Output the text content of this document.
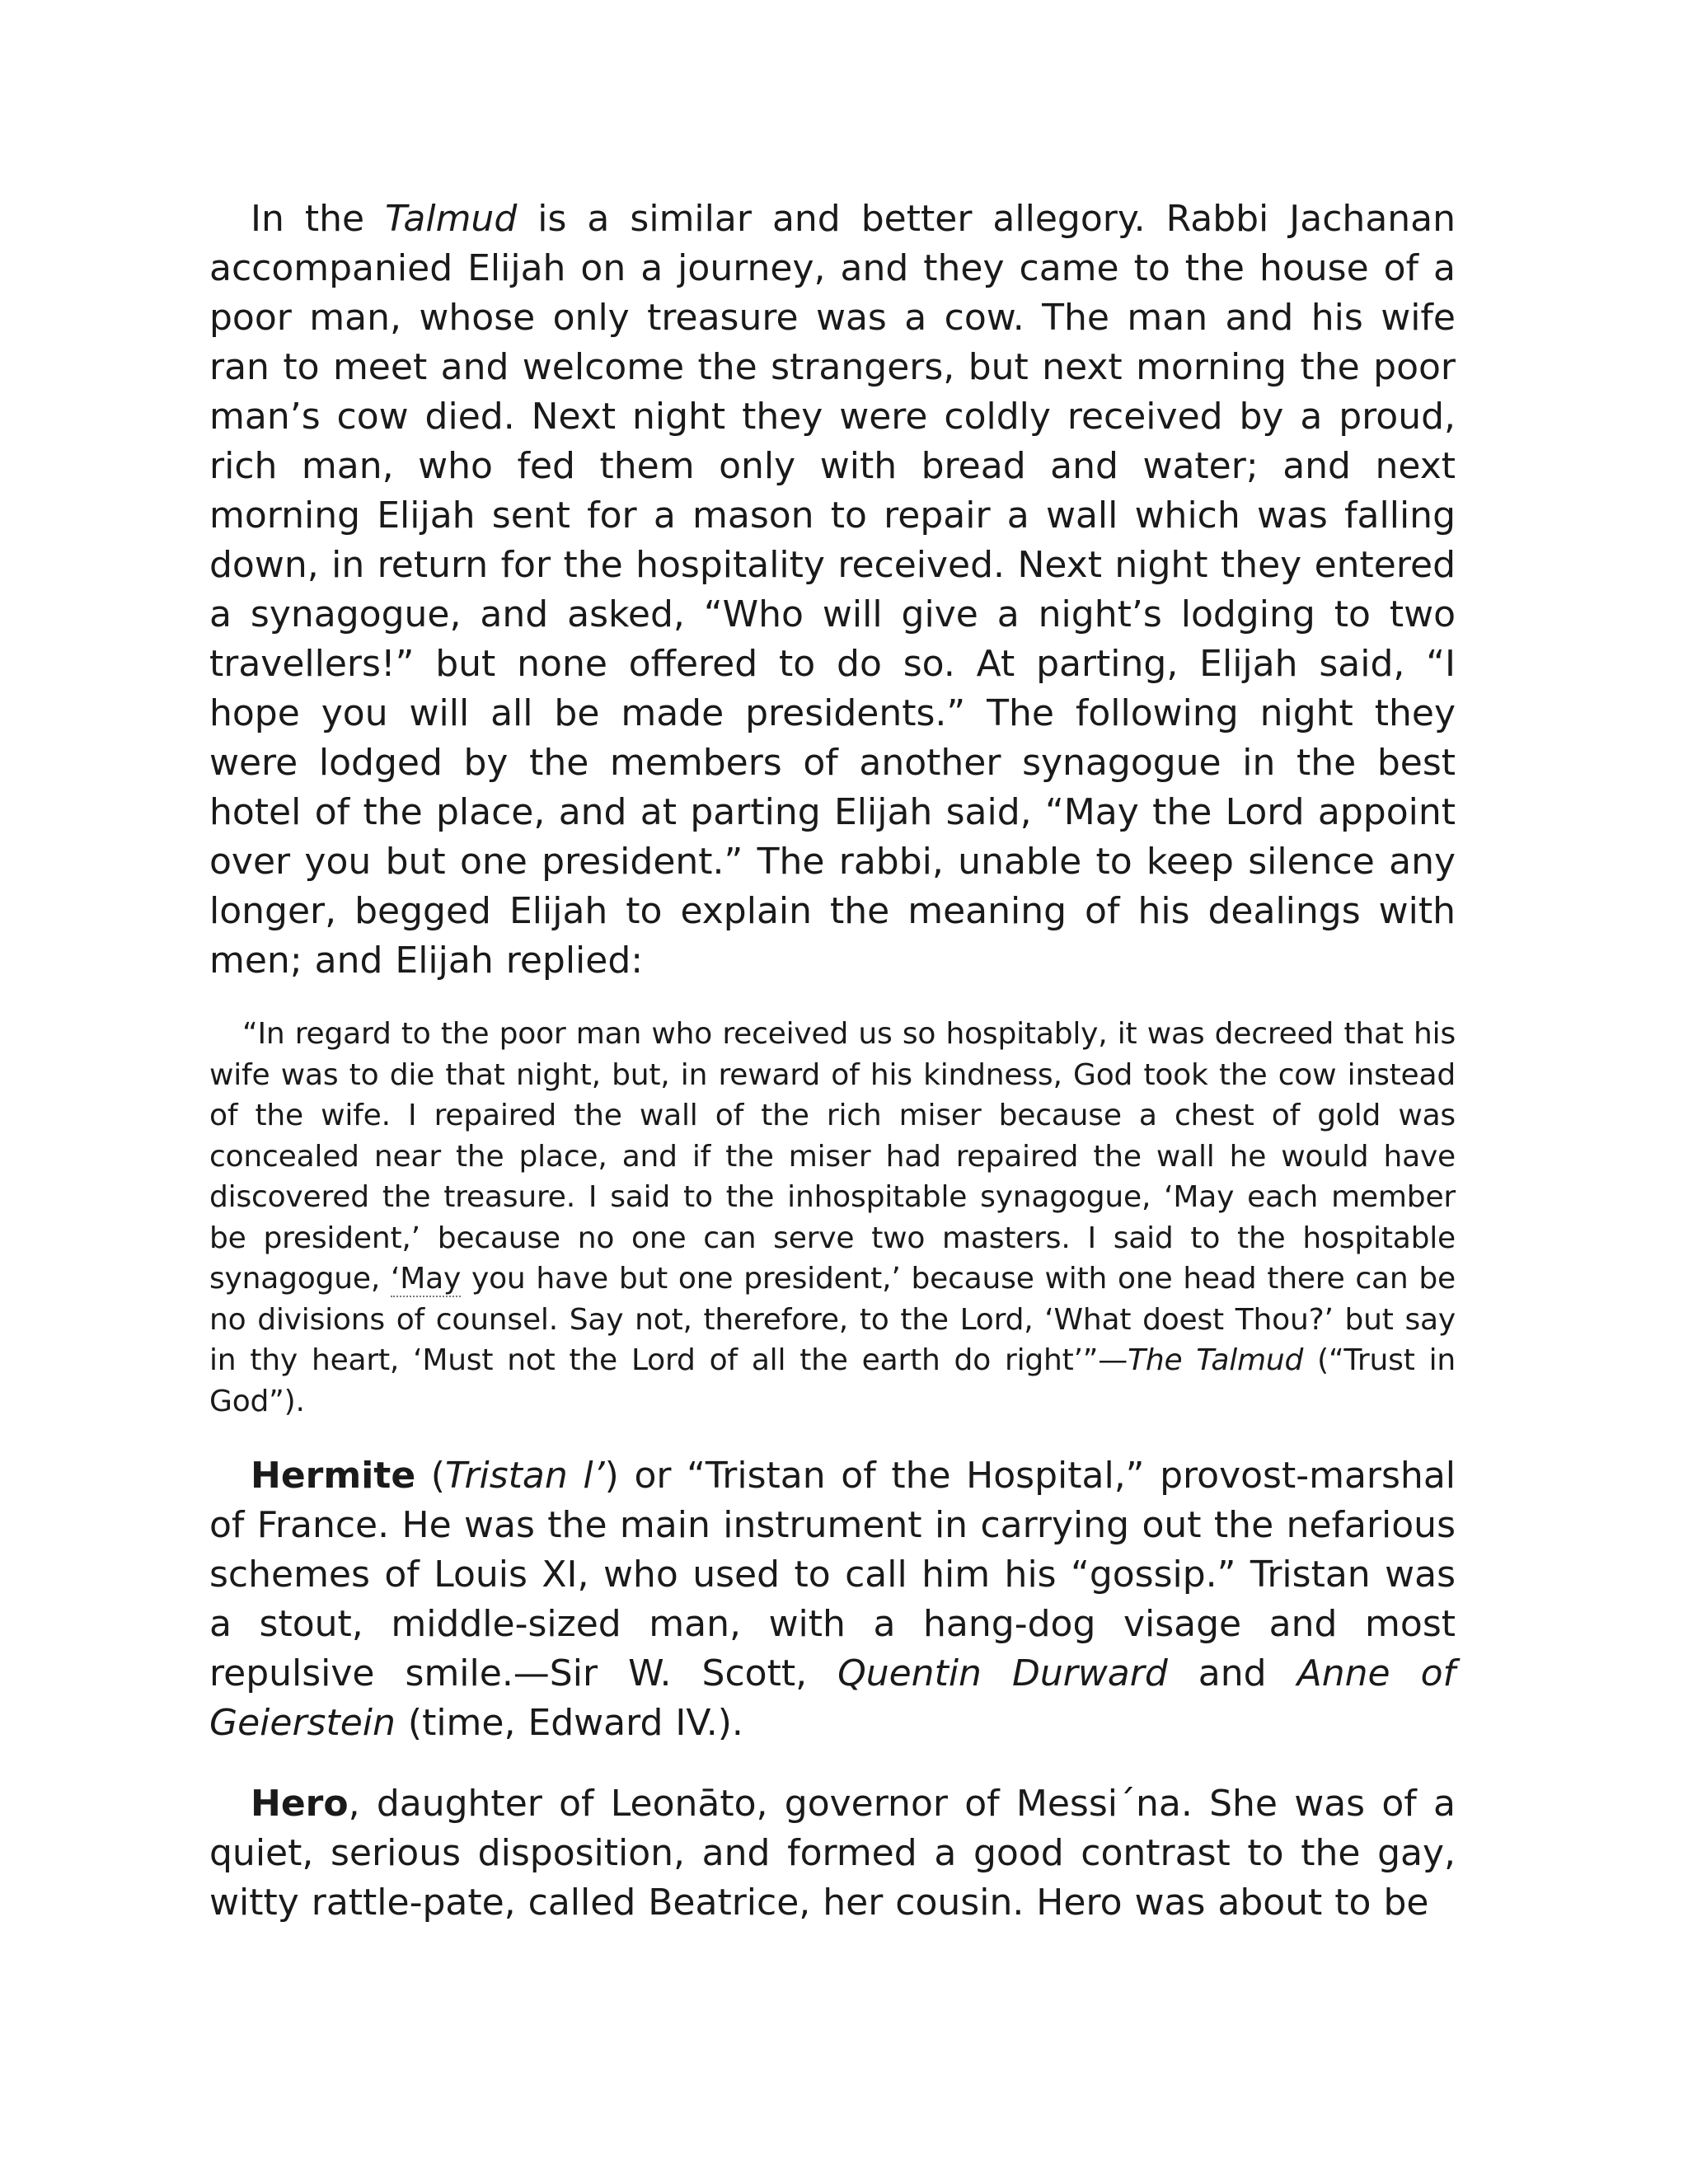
In the Talmud is a similar and better allegory. Rabbi Jachanan accompanied Elijah on a journey, and they came to the house of a poor man, whose only treasure was a cow. The man and his wife ran to meet and welcome the strangers, but next morning the poor man’s cow died. Next night they were coldly received by a proud, rich man, who fed them only with bread and water; and next morning Elijah sent for a mason to repair a wall which was falling down, in return for the hospitality received. Next night they entered a synagogue, and asked, “Who will give a night’s lodging to two travellers!” but none offered to do so. At parting, Elijah said, “I hope you will all be made presidents.” The following night they were lodged by the members of another synagogue in the best hotel of the place, and at parting Elijah said, “May the Lord appoint over you but one president.” The rabbi, unable to keep silence any longer, begged Elijah to explain the meaning of his dealings with men; and Elijah replied:

“In regard to the poor man who received us so hospitably, it was decreed that his wife was to die that night, but, in reward of his kindness, God took the cow instead of the wife. I repaired the wall of the rich miser because a chest of gold was concealed near the place, and if the miser had repaired the wall he would have discovered the treasure. I said to the inhospitable synagogue, ‘May each member be president,’ because no one can serve two masters. I said to the hospitable synagogue, ‘May you have but one president,’ because with one head there can be no divisions of counsel. Say not, therefore, to the Lord, ‘What doest Thou?’ but say in thy heart, ‘Must not the Lord of all the earth do right’”—The Talmud (“Trust in God”).

Hermite (Tristan l’) or “Tristan of the Hospital,” provost-marshal of France. He was the main instrument in carrying out the nefarious schemes of Louis XI, who used to call him his “gossip.” Tristan was a stout, middle-sized man, with a hang-dog visage and most repulsive smile.—Sir W. Scott, Quentin Durward and Anne of Geierstein (time, Edward IV.).

Hero, daughter of Leonāto, governor of Messi´na. She was of a quiet, serious disposition, and formed a good contrast to the gay, witty rattle-pate, called Beatrice, her cousin. Hero was about to be
